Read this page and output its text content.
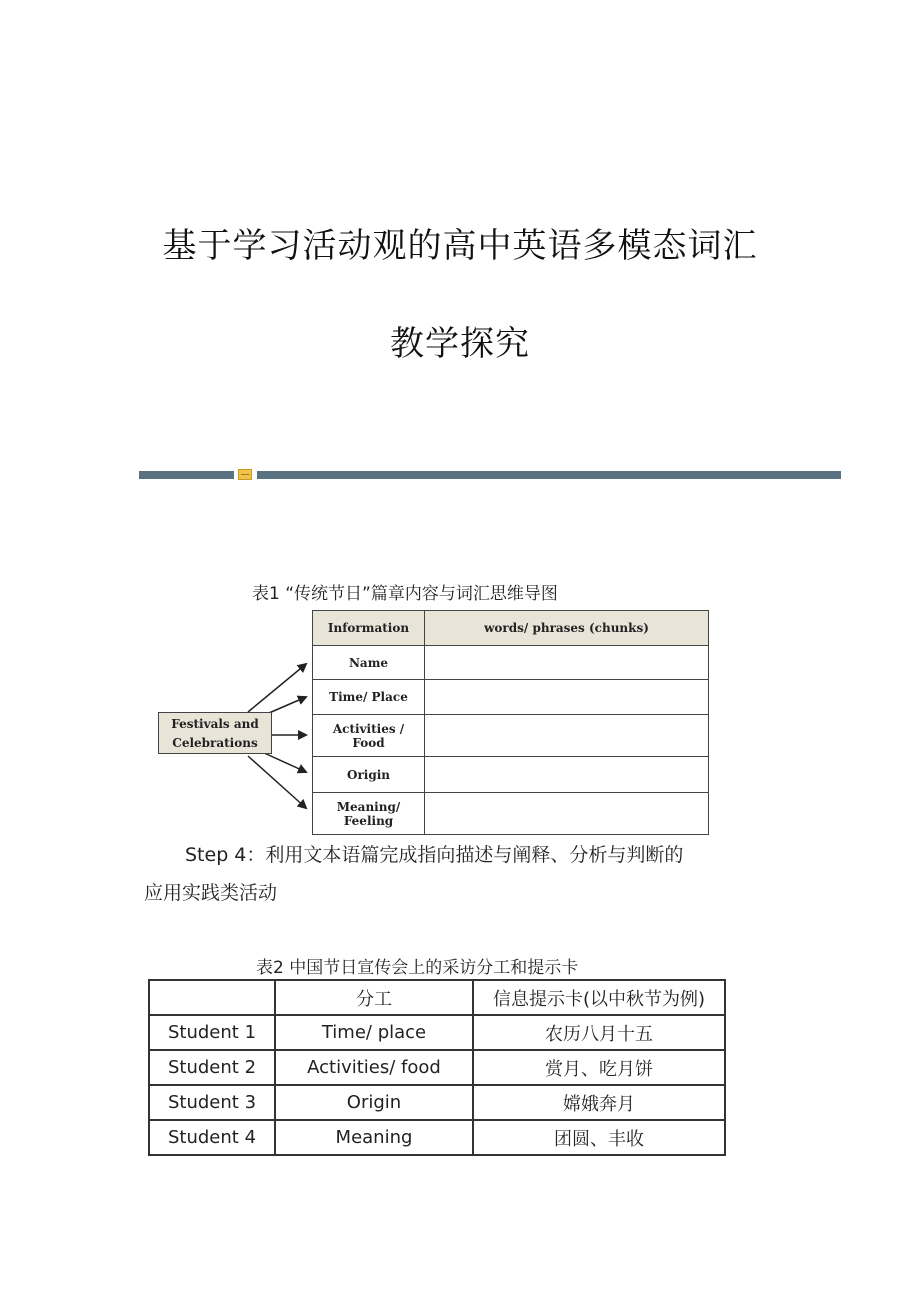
基于学习活动观的高中英语多模态词汇
教学探究
表1 “传统节日”篇章内容与词汇思维导图
Festivals and Celebrations
Information	words/ phrases (chunks)
Name	
Time/ Place	
Activities / Food	
Origin	
Meaning/ Feeling	
Step 4：利用文本语篇完成指向描述与阐释、分析与判断的
应用实践类活动
表2 中国节日宣传会上的采访分工和提示卡
	分工	信息提示卡(以中秋节为例)
Student 1	Time/ place	农历八月十五
Student 2	Activities/ food	赏月、吃月饼
Student 3	Origin	嫦娥奔月
Student 4	Meaning	团圆、丰收
